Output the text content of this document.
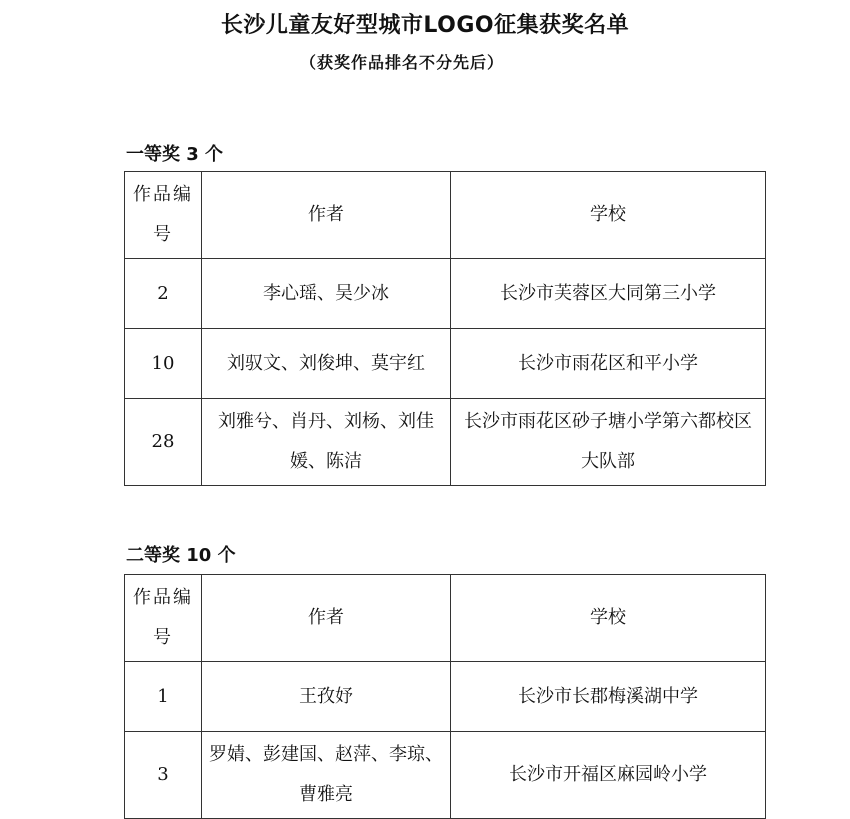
长沙儿童友好型城市LOGO征集获奖名单
（获奖作品排名不分先后）
一等奖 3 个
作品编号	作者	学校
2	李心瑶、吴少冰	长沙市芙蓉区大同第三小学
10	刘驭文、刘俊坤、莫宇红	长沙市雨花区和平小学
28	刘雅兮、肖丹、刘杨、刘佳媛、陈洁	长沙市雨花区砂子塘小学第六都校区大队部
二等奖 10 个
作品编号	作者	学校
1	王孜妤	长沙市长郡梅溪湖中学
3	罗婧、彭建国、赵萍、李琼、曹雅亮	长沙市开福区麻园岭小学
